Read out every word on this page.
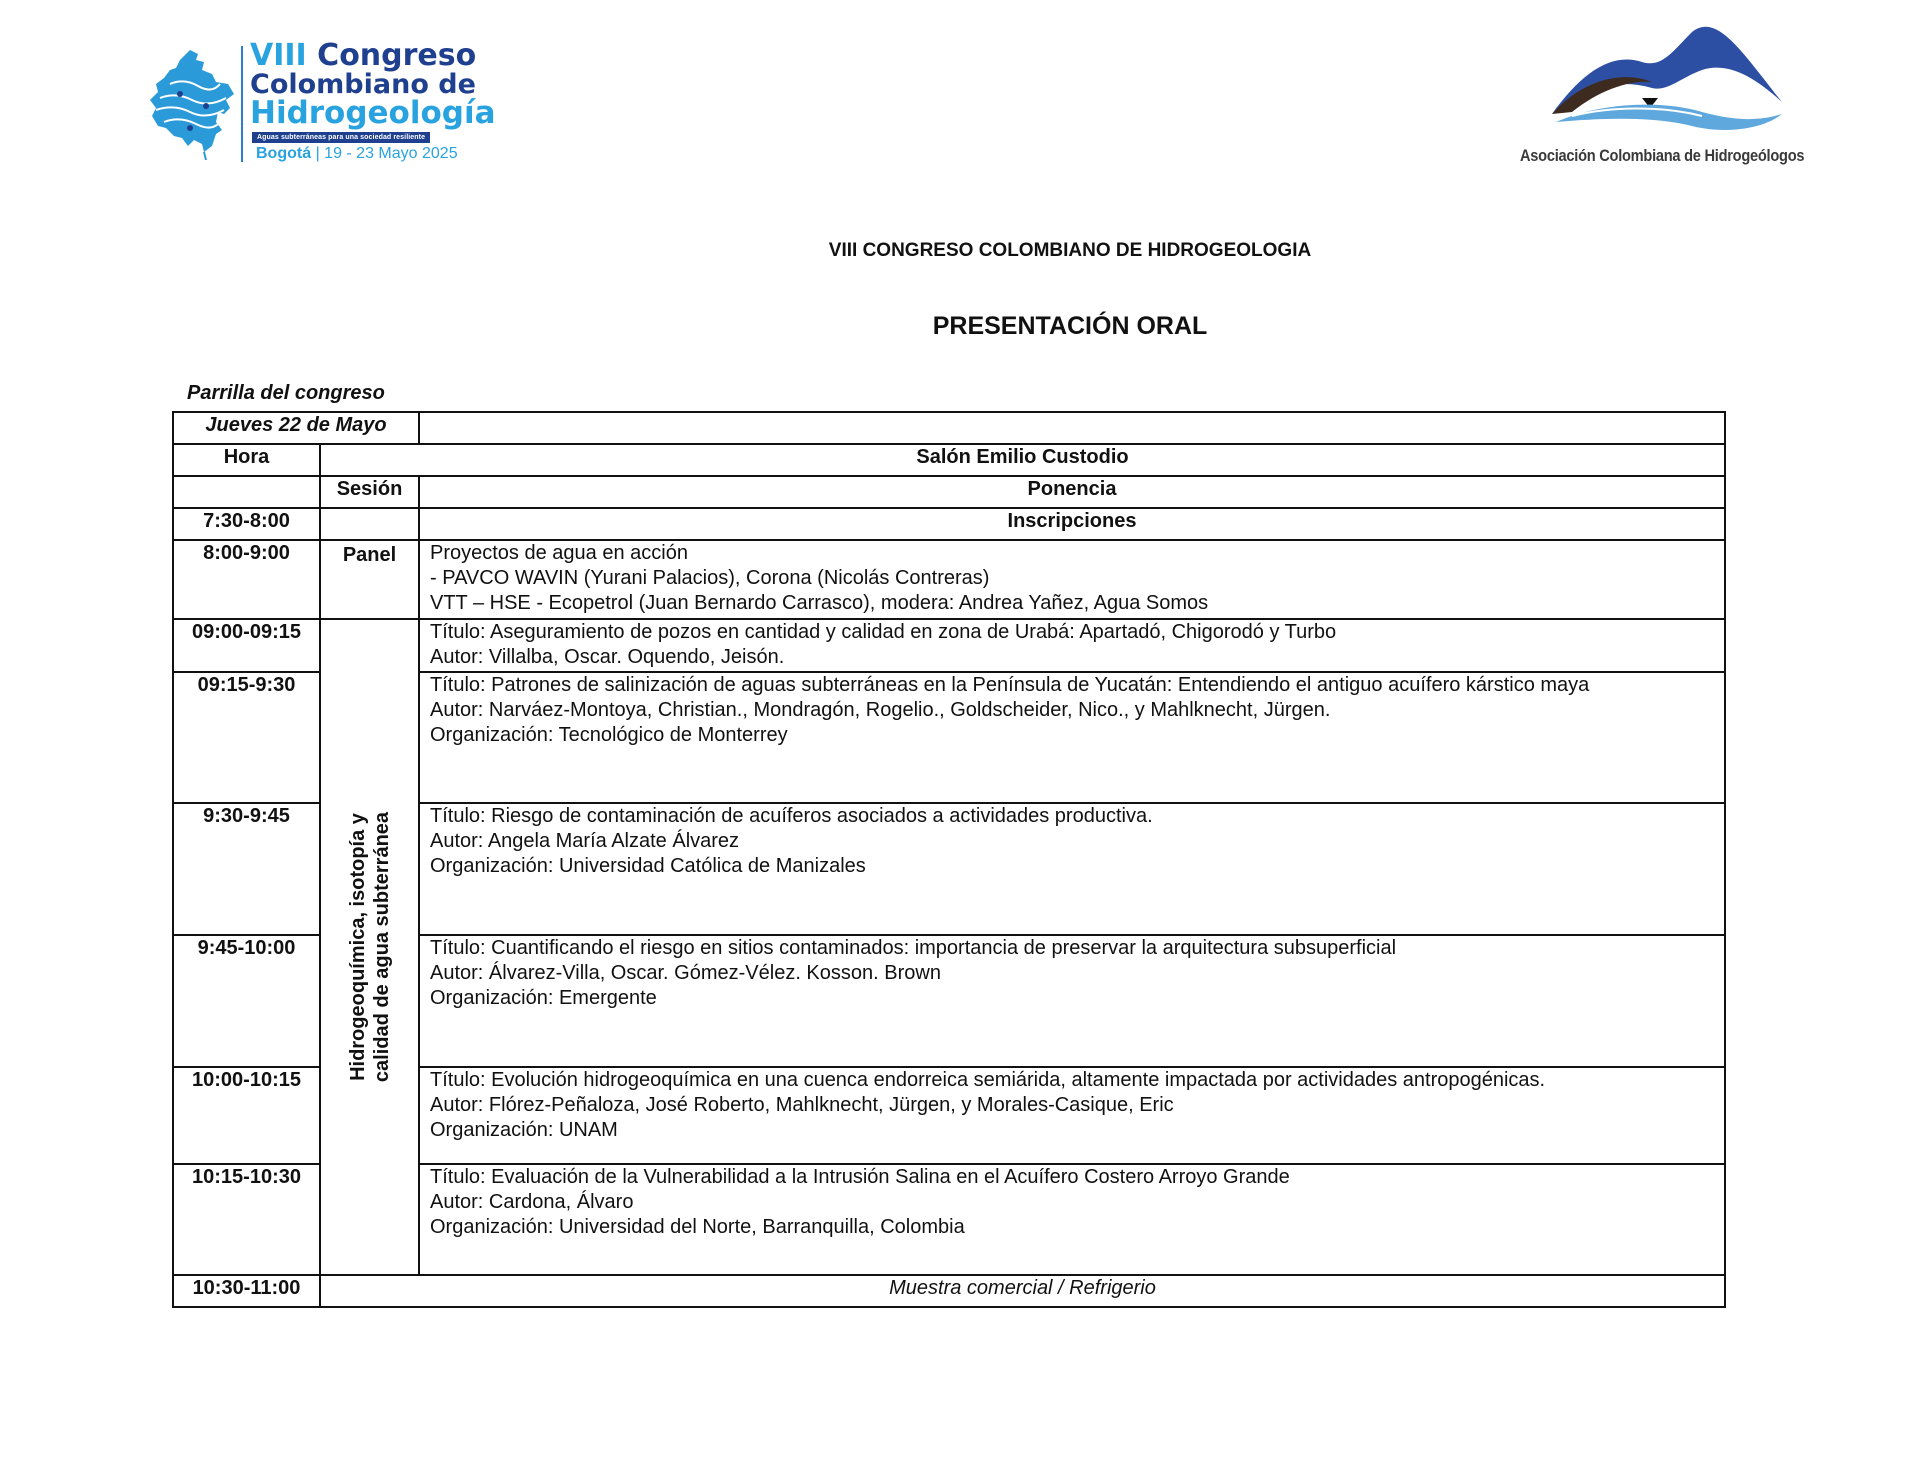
VIII Congreso
Colombiano de
Hidrogeología
Aguas subterráneas para una sociedad resiliente
Bogotá | 19 - 23 Mayo 2025	Asociación Colombiana de Hidrogeólogos
VIII CONGRESO COLOMBIANO DE HIDROGEOLOGIA
PRESENTACIÓN ORAL
Parrilla del congreso
Jueves 22 de Mayo		
Hora	Salón Emilio Custodio	
	Sesión	Ponencia
7:30-8:00		Inscripciones
8:00-9:00	Panel	Proyectos de agua en acción
- PAVCO WAVIN (Yurani Palacios), Corona (Nicolás Contreras)
VTT – HSE - Ecopetrol (Juan Bernardo Carrasco), modera: Andrea Yañez, Agua Somos

09:00-09:15	Hidrogeoquímica, isotopía y calidad de agua subterránea	Título: Aseguramiento de pozos en cantidad y calidad en zona de Urabá: Apartadó, Chigorodó y Turbo
Autor: Villalba, Oscar. Oquendo, Jeisón.

09:15-9:30		Título: Patrones de salinización de aguas subterráneas en la Península de Yucatán: Entendiendo el antiguo acuífero kárstico maya
Autor: Narváez-Montoya, Christian., Mondragón, Rogelio., Goldscheider, Nico., y Mahlknecht, Jürgen.
Organización: Tecnológico de Monterrey

9:30-9:45		Título: Riesgo de contaminación de acuíferos asociados a actividades productiva.
Autor: Angela María Alzate Álvarez
Organización: Universidad Católica de Manizales

9:45-10:00		Título: Cuantificando el riesgo en sitios contaminados: importancia de preservar la arquitectura subsuperficial
Autor: Álvarez-Villa, Oscar. Gómez-Vélez. Kosson. Brown
Organización: Emergente

10:00-10:15		Título: Evolución hidrogeoquímica en una cuenca endorreica semiárida, altamente impactada por actividades antropogénicas.
Autor: Flórez-Peñaloza, José Roberto, Mahlknecht, Jürgen, y Morales-Casique, Eric
Organización: UNAM

10:15-10:30		Título: Evaluación de la Vulnerabilidad a la Intrusión Salina en el Acuífero Costero Arroyo Grande
Autor: Cardona, Álvaro
Organización: Universidad del Norte, Barranquilla, Colombia

10:30-11:00	Muestra comercial / Refrigerio	
